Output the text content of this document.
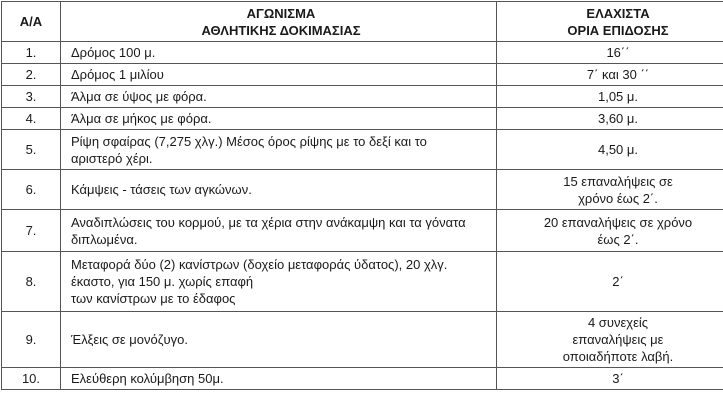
Α/Α	ΑΓΩΝΙΣΜΑ
ΑΘΛΗΤΙΚΗΣ ΔΟΚΙΜΑΣΙΑΣ	ΕΛΑΧΙΣΤΑ
ΟΡΙΑ ΕΠΙΔΟΣΗΣ
1.	Δρόμος 100 μ.	16΄΄
2.	Δρόμος 1 μιλίου	7΄ και 30 ΄΄
3.	Άλμα σε ύψος με φόρα.	1,05 μ.
4.	Άλμα σε μήκος με φόρα.	3,60 μ.
5.	Ρίψη σφαίρας (7,275 χλγ.) Μέσος όρος ρίψης με το δεξί και το
αριστερό χέρι.	4,50 μ.
6.	Κάμψεις - τάσεις των αγκώνων.	15 επαναλήψεις σε
χρόνο έως 2΄.
7.	Αναδιπλώσεις του κορμού, με τα χέρια στην ανάκαμψη και τα γόνατα
διπλωμένα.	20 επαναλήψεις σε χρόνο
έως 2΄.
8.	Μεταφορά δύο (2) κανίστρων (δοχείο μεταφοράς ύδατος), 20 χλγ.
έκαστο, για 150 μ. χωρίς επαφή
των κανίστρων με το έδαφος	2΄
9.	Έλξεις σε μονόζυγο.	4 συνεχείς
επαναλήψεις με
οποιαδήποτε λαβή.
10.	Ελεύθερη κολύμβηση 50μ.	3΄
